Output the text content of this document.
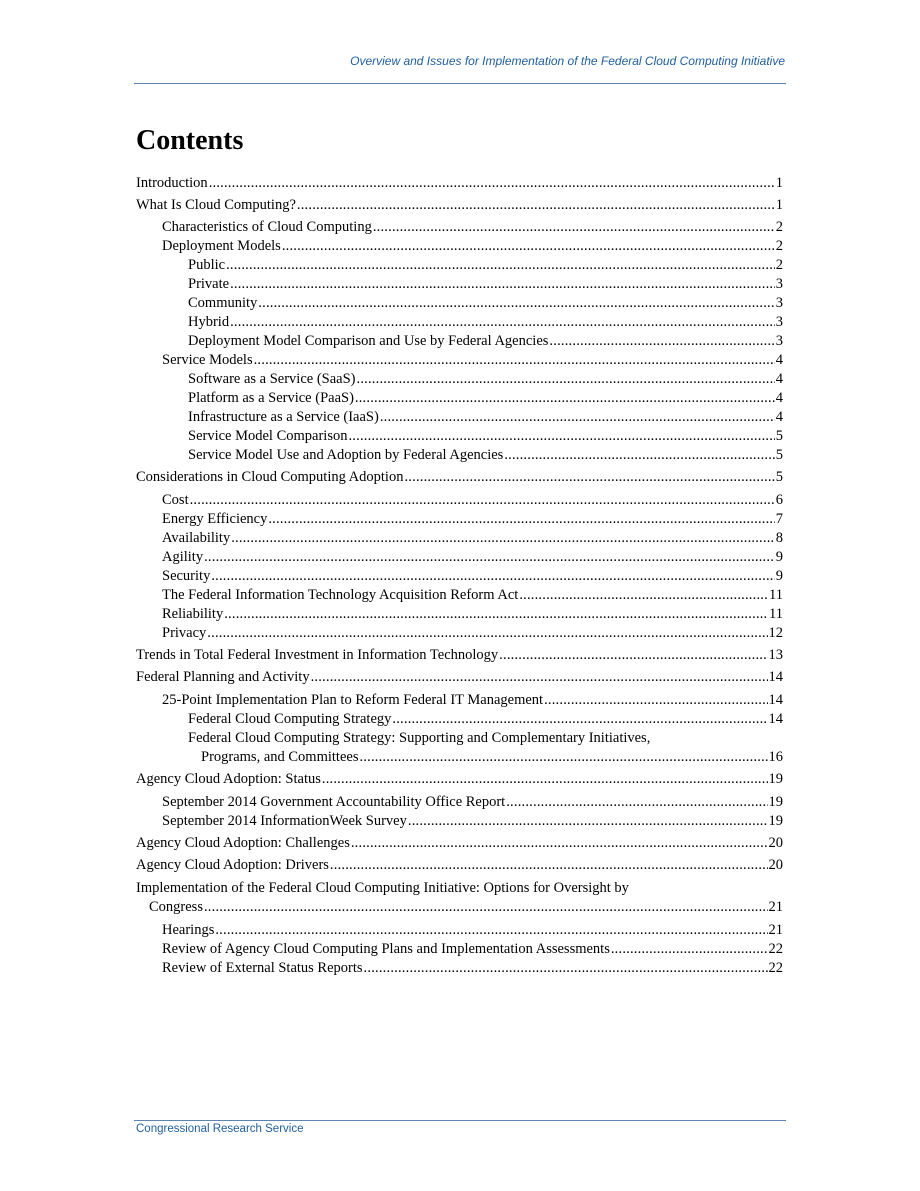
Overview and Issues for Implementation of the Federal Cloud Computing Initiative
Contents
Introduction .....	1
What Is Cloud Computing? .....	1
Characteristics of Cloud Computing .....	2
Deployment Models .....	2
Public .....	2
Private .....	3
Community .....	3
Hybrid .....	3
Deployment Model Comparison and Use by Federal Agencies .....	3
Service Models .....	4
Software as a Service (SaaS) .....	4
Platform as a Service (PaaS) .....	4
Infrastructure as a Service (IaaS) .....	4
Service Model Comparison .....	5
Service Model Use and Adoption by Federal Agencies .....	5
Considerations in Cloud Computing Adoption .....	5
Cost .....	6
Energy Efficiency .....	7
Availability .....	8
Agility .....	9
Security .....	9
The Federal Information Technology Acquisition Reform Act .....	11
Reliability .....	11
Privacy .....	12
Trends in Total Federal Investment in Information Technology .....	13
Federal Planning and Activity .....	14
25-Point Implementation Plan to Reform Federal IT Management .....	14
Federal Cloud Computing Strategy .....	14
Federal Cloud Computing Strategy: Supporting and Complementary Initiatives,
Programs, and Committees .....	16
Agency Cloud Adoption: Status .....	19
September 2014 Government Accountability Office Report .....	19
September 2014 InformationWeek Survey .....	19
Agency Cloud Adoption: Challenges .....	20
Agency Cloud Adoption: Drivers .....	20
Implementation of the Federal Cloud Computing Initiative: Options for Oversight by
Congress .....	21
Hearings .....	21
Review of Agency Cloud Computing Plans and Implementation Assessments .....	22
Review of External Status Reports .....	22
Congressional Research Service
